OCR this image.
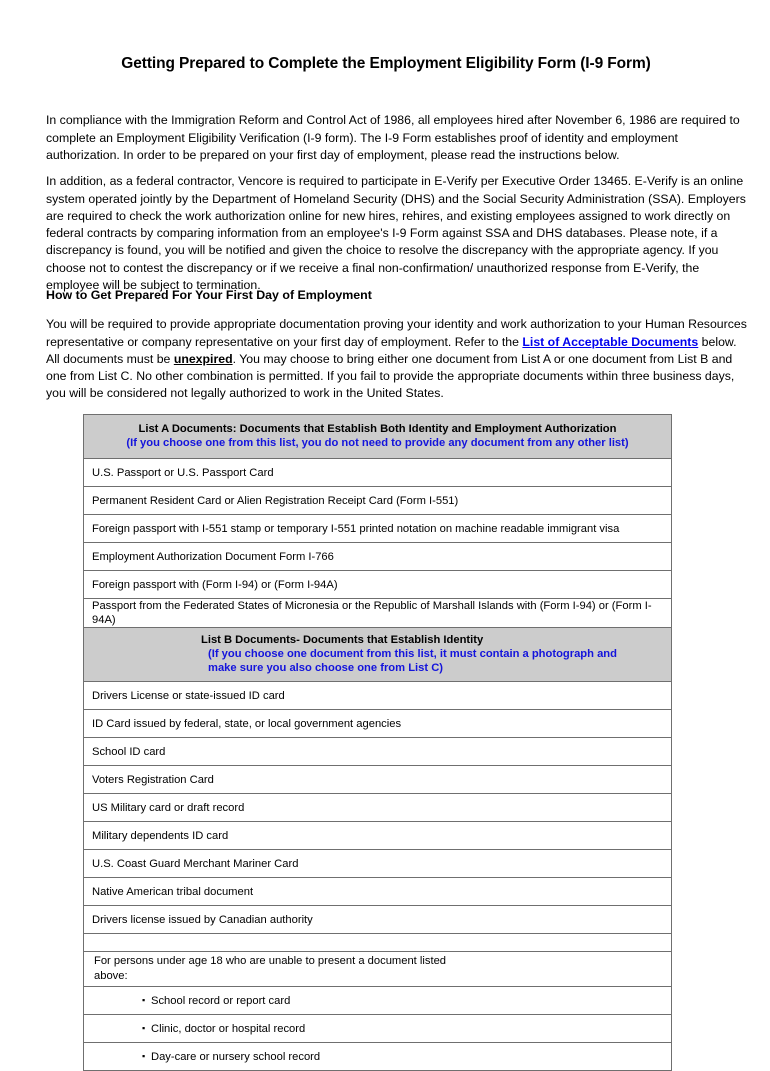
Getting Prepared to Complete the Employment Eligibility Form (I-9 Form)

In compliance with the Immigration Reform and Control Act of 1986, all employees hired after November 6, 1986 are required to complete an Employment Eligibility Verification (I-9 form). The I-9 Form establishes proof of identity and employment authorization. In order to be prepared on your first day of employment, please read the instructions below.

In addition, as a federal contractor, Vencore is required to participate in E-Verify per Executive Order 13465. E-Verify is an online system operated jointly by the Department of Homeland Security (DHS) and the Social Security Administration (SSA). Employers are required to check the work authorization online for new hires, rehires, and existing employees assigned to work directly on federal contracts by comparing information from an employee's I-9 Form against SSA and DHS databases. Please note, if a discrepancy is found, you will be notified and given the choice to resolve the discrepancy with the appropriate agency. If you choose not to contest the discrepancy or if we receive a final non-confirmation/ unauthorized response from E-Verify, the employee will be subject to termination.

How to Get Prepared For Your First Day of Employment

You will be required to provide appropriate documentation proving your identity and work authorization to your Human Resources representative or company representative on your first day of employment. Refer to the List of Acceptable Documents below. All documents must be unexpired. You may choose to bring either one document from List A or one document from List B and one from List C. No other combination is permitted. If you fail to provide the appropriate documents within three business days, you will be considered not legally authorized to work in the United States.

List A Documents: Documents that Establish Both Identity and Employment Authorization
(If you choose one from this list, you do not need to provide any document from any other list)

U.S. Passport or U.S. Passport Card
Permanent Resident Card or Alien Registration Receipt Card (Form I-551)
Foreign passport with I-551 stamp or temporary I-551 printed notation on machine readable immigrant visa
Employment Authorization Document Form I-766
Foreign passport with (Form I-94) or (Form I-94A)
Passport from the Federated States of Micronesia or the Republic of Marshall Islands with (Form I-94) or (Form I-94A)

List B Documents- Documents that Establish Identity
(If you choose one document from this list, it must contain a photograph and
make sure you also choose one from List C)

Drivers License or state-issued ID card
ID Card issued by federal, state, or local government agencies
School ID card
Voters Registration Card
US Military card or draft record
Military dependents ID card
U.S. Coast Guard Merchant Mariner Card
Native American tribal document
Drivers license issued by Canadian authority

For persons under age 18 who are unable to present a document listed
above:

▪ School record or report card
▪ Clinic, doctor or hospital record
▪ Day-care or nursery school record
